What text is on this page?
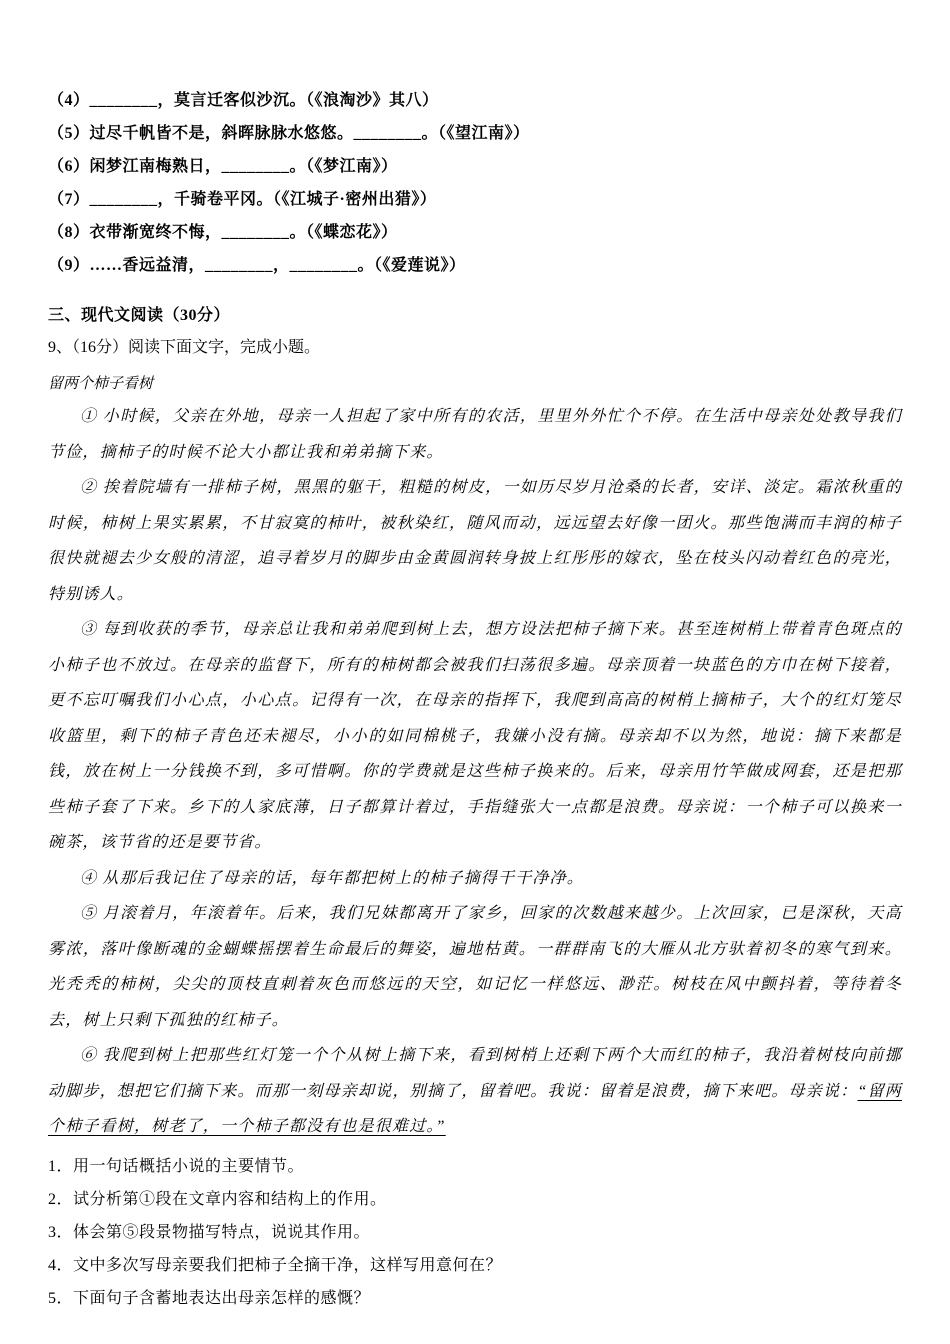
（4）________，莫言迁客似沙沉。（《浪淘沙》其八）

（5）过尽千帆皆不是，斜晖脉脉水悠悠。________。（《望江南》）

（6）闲梦江南梅熟日，________。（《梦江南》）

（7）________，千骑卷平冈。（《江城子·密州出猎》）

（8）衣带渐宽终不悔，________。（《蝶恋花》）

（9）……香远益清，________，________。（《爱莲说》）

三、现代文阅读（30分）

9、（16分）阅读下面文字，完成小题。

留两个柿子看树

① 小时候，父亲在外地，母亲一人担起了家中所有的农活，里里外外忙个不停。在生活中母亲处处教导我们节俭，摘柿子的时候不论大小都让我和弟弟摘下来。

② 挨着院墙有一排柿子树，黑黑的躯干，粗糙的树皮，一如历尽岁月沧桑的长者，安详、淡定。霜浓秋重的时候，柿树上果实累累，不甘寂寞的柿叶，被秋染红，随风而动，远远望去好像一团火。那些饱满而丰润的柿子很快就褪去少女般的清涩，追寻着岁月的脚步由金黄圆润转身披上红彤彤的嫁衣，坠在枝头闪动着红色的亮光，特别诱人。

③ 每到收获的季节，母亲总让我和弟弟爬到树上去，想方设法把柿子摘下来。甚至连树梢上带着青色斑点的小柿子也不放过。在母亲的监督下，所有的柿树都会被我们扫荡很多遍。母亲顶着一块蓝色的方巾在树下接着，更不忘叮嘱我们小心点，小心点。记得有一次，在母亲的指挥下，我爬到高高的树梢上摘柿子，大个的红灯笼尽收篮里，剩下的柿子青色还未褪尽，小小的如同棉桃子，我嫌小没有摘。母亲却不以为然，地说：摘下来都是钱，放在树上一分钱换不到，多可惜啊。你的学费就是这些柿子换来的。后来，母亲用竹竿做成网套，还是把那些柿子套了下来。乡下的人家底薄，日子都算计着过，手指缝张大一点都是浪费。母亲说：一个柿子可以换来一碗茶，该节省的还是要节省。

④ 从那后我记住了母亲的话，每年都把树上的柿子摘得干干净净。

⑤ 月滚着月，年滚着年。后来，我们兄妹都离开了家乡，回家的次数越来越少。上次回家，已是深秋，天高雾浓，落叶像断魂的金蝴蝶摇摆着生命最后的舞姿，遍地枯黄。一群群南飞的大雁从北方驮着初冬的寒气到来。光秃秃的柿树，尖尖的顶枝直刺着灰色而悠远的天空，如记忆一样悠远、渺茫。树枝在风中颤抖着，等待着冬去，树上只剩下孤独的红柿子。

⑥ 我爬到树上把那些红灯笼一个个从树上摘下来，看到树梢上还剩下两个大而红的柿子，我沿着树枝向前挪动脚步，想把它们摘下来。而那一刻母亲却说，别摘了，留着吧。我说：留着是浪费，摘下来吧。母亲说：“留两个柿子看树，树老了，一个柿子都没有也是很难过。”

1．用一句话概括小说的主要情节。

2．试分析第①段在文章内容和结构上的作用。

3．体会第⑤段景物描写特点，说说其作用。

4．文中多次写母亲要我们把柿子全摘干净，这样写用意何在？

5．下面句子含蓄地表达出母亲怎样的感慨？
